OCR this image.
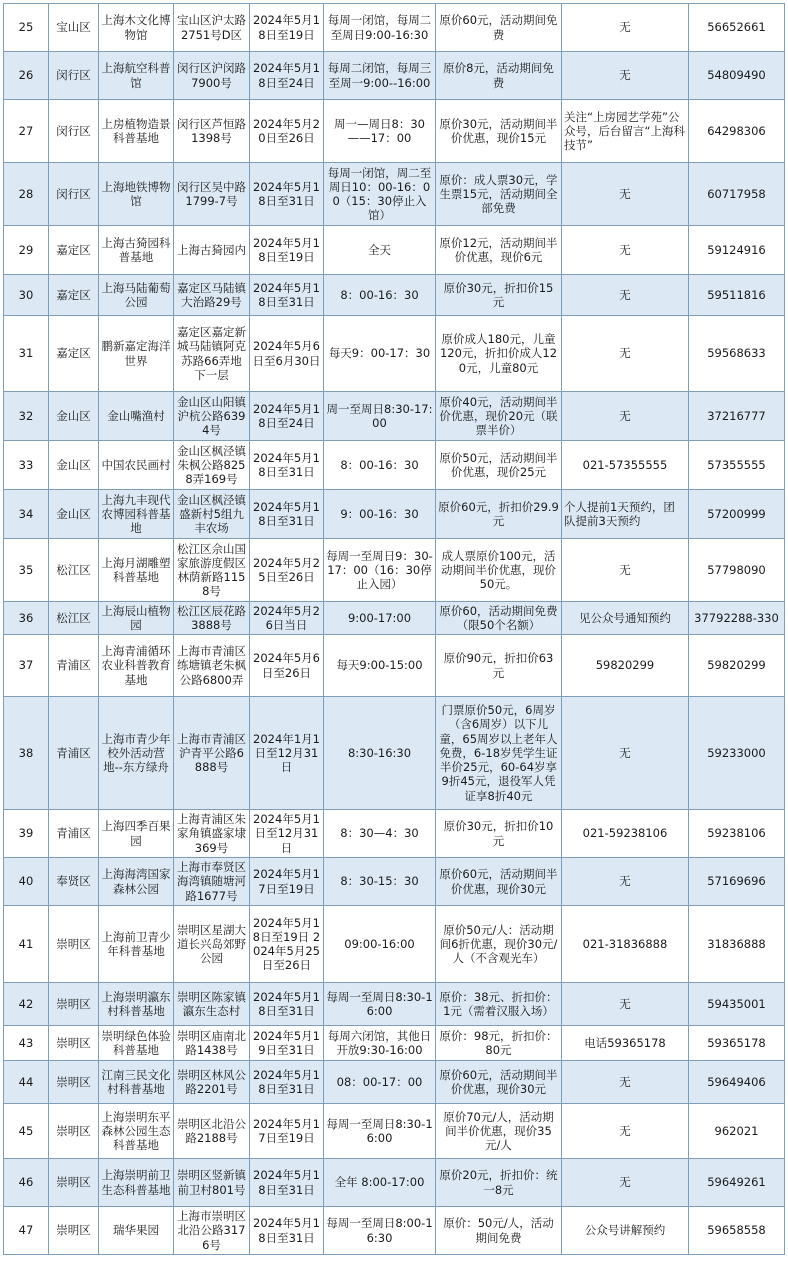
25	宝山区	上海木文化博物馆	宝山区沪太路2751号D区	2024年5月18日至19日	每周一闭馆，每周二至周日9:00-16:30	原价60元，活动期间免费	无	56652661
26	闵行区	上海航空科普馆	闵行区沪闵路7900号	2024年5月18日至24日	每周二闭馆，每周三至周一9:00--16:00	原价8元，活动期间免费	无	54809490
27	闵行区	上房植物造景科普基地	闵行区芦恒路1398号	2024年5月20日至26日	周一—周日8：30——17：00	原价30元，活动期间半价优惠，现价15元	关注“上房园艺学苑”公众号，后台留言“上海科技节”	64298306
28	闵行区	上海地铁博物馆	闵行区吴中路1799-7号	2024年5月18日至31日	每周一闭馆，周二至周日10：00-16：00（15：30停止入馆）	原价：成人票30元，学生票15元，活动期间全部免费	无	60717958
29	嘉定区	上海古猗园科普基地	上海古猗园内	2024年5月18日至19日	全天	原价12元，活动期间半价优惠，现价6元	无	59124916
30	嘉定区	上海马陆葡萄公园	嘉定区马陆镇大治路29号	2024年5月18日至31日	8：00-16：30	原价30元，折扣价15元	无	59511816
31	嘉定区	鹏新嘉定海洋世界	嘉定区嘉定新城马陆镇阿克苏路66弄地下一层	2024年5月6日至6月30日	每天9：00-17：30	原价成人180元，儿童120元，折扣价成人120元，儿童80元	无	59568633
32	金山区	金山嘴渔村	金山区山阳镇沪杭公路6394号	2024年5月18日至24日	周一至周日8:30-17:00	原价40元，活动期间半价优惠，现价20元（联票半价）	无	37216777
33	金山区	中国农民画村	金山区枫泾镇朱枫公路8258弄169号	2024年5月18日至31日	8：00-16：30	原价50元，活动期间半价优惠，现价25元	021-57355555	57355555
34	金山区	上海九丰现代农博园科普基地	金山区枫泾镇盛新村5组九丰农场	2024年5月18日至31日	9：00-16：30	原价60元，折扣价29.9元	个人提前1天预约，团队提前3天预约	57200999
35	松江区	上海月湖雕塑科普基地	松江区佘山国家旅游度假区林荫新路1158号	2024年5月25日至26日	每周一至周日9：30-17：00（16：30停止入园）	成人票原价100元，活动期间半价优惠，现价50元。	无	57798090
36	松江区	上海辰山植物园	松江区辰花路3888号	2024年5月26日当日	9:00-17:00	原价60，活动期间免费（限50个名额）	见公众号通知预约	37792288-330
37	青浦区	上海青浦循环农业科普教育基地	上海市青浦区练塘镇老朱枫公路6800弄	2024年5月6日至26日	每天9:00-15:00	原价90元，折扣价63元	59820299	59820299
38	青浦区	上海市青少年校外活动营地--东方绿舟	上海市青浦区沪青平公路6888号	2024年1月1日至12月31日	8:30-16:30	门票原价50元，6周岁（含6周岁）以下儿童，65周岁以上老年人免费，6-18岁凭学生证半价25元，60-64岁享9折45元，退役军人凭证享8折40元	无	59233000
39	青浦区	上海四季百果园	上海青浦区朱家角镇盛家埭369号	2024年5月1日至12月31日	8：30—4：30	原价30元，折扣价10元	021-59238106	59238106
40	奉贤区	上海海湾国家森林公园	上海市奉贤区海湾镇随塘河路1677号	2024年5月17日至19日	8：30-15：30	原价60元，活动期间半价优惠，现价30元	无	57169696
41	崇明区	上海前卫青少年科普基地	崇明区星湖大道长兴岛郊野公园	2024年5月18日至19日 2024年5月25日至26日	09:00-16:00	原价50元/人：活动期间6折优惠，现价30元/人（不含观光车）	021-31836888	31836888
42	崇明区	上海崇明瀛东村科普基地	崇明区陈家镇瀛东生态村	2024年5月18日至31日	每周一至周日8:30-16:00	原价：38元、折扣价：1元（需着汉服入场）	无	59435001
43	崇明区	崇明绿色体验科普基地	崇明区庙南北路1438号	2024年5月19日至31日	每周六闭馆，其他日开放9:30-16:00	原价：98元，折扣价：80元	电话59365178	59365178
44	崇明区	江南三民文化村科普基地	崇明区林风公路2201号	2024年5月18日至31日	08：00-17：00	原价60元，活动期间半价优惠，现价30元	无	59649406
45	崇明区	上海崇明东平森林公园生态科普基地	崇明区北沿公路2188号	2024年5月17日至19日	每周一至周日8:30-16:00	原价70元/人，活动期间半价优惠，现价35元/人	无	962021
46	崇明区	上海崇明前卫生态科普基地	崇明区竖新镇前卫村801号	2024年5月18日至31日	全年 8:00-17:00	原价20元，折扣价：统一8元	无	59649261
47	崇明区	瑞华果园	上海市崇明区北沿公路3176号	2024年5月18日至31日	每周一至周日8:00-16:30	原价：50元/人，活动期间免费	公众号讲解预约	59658558
